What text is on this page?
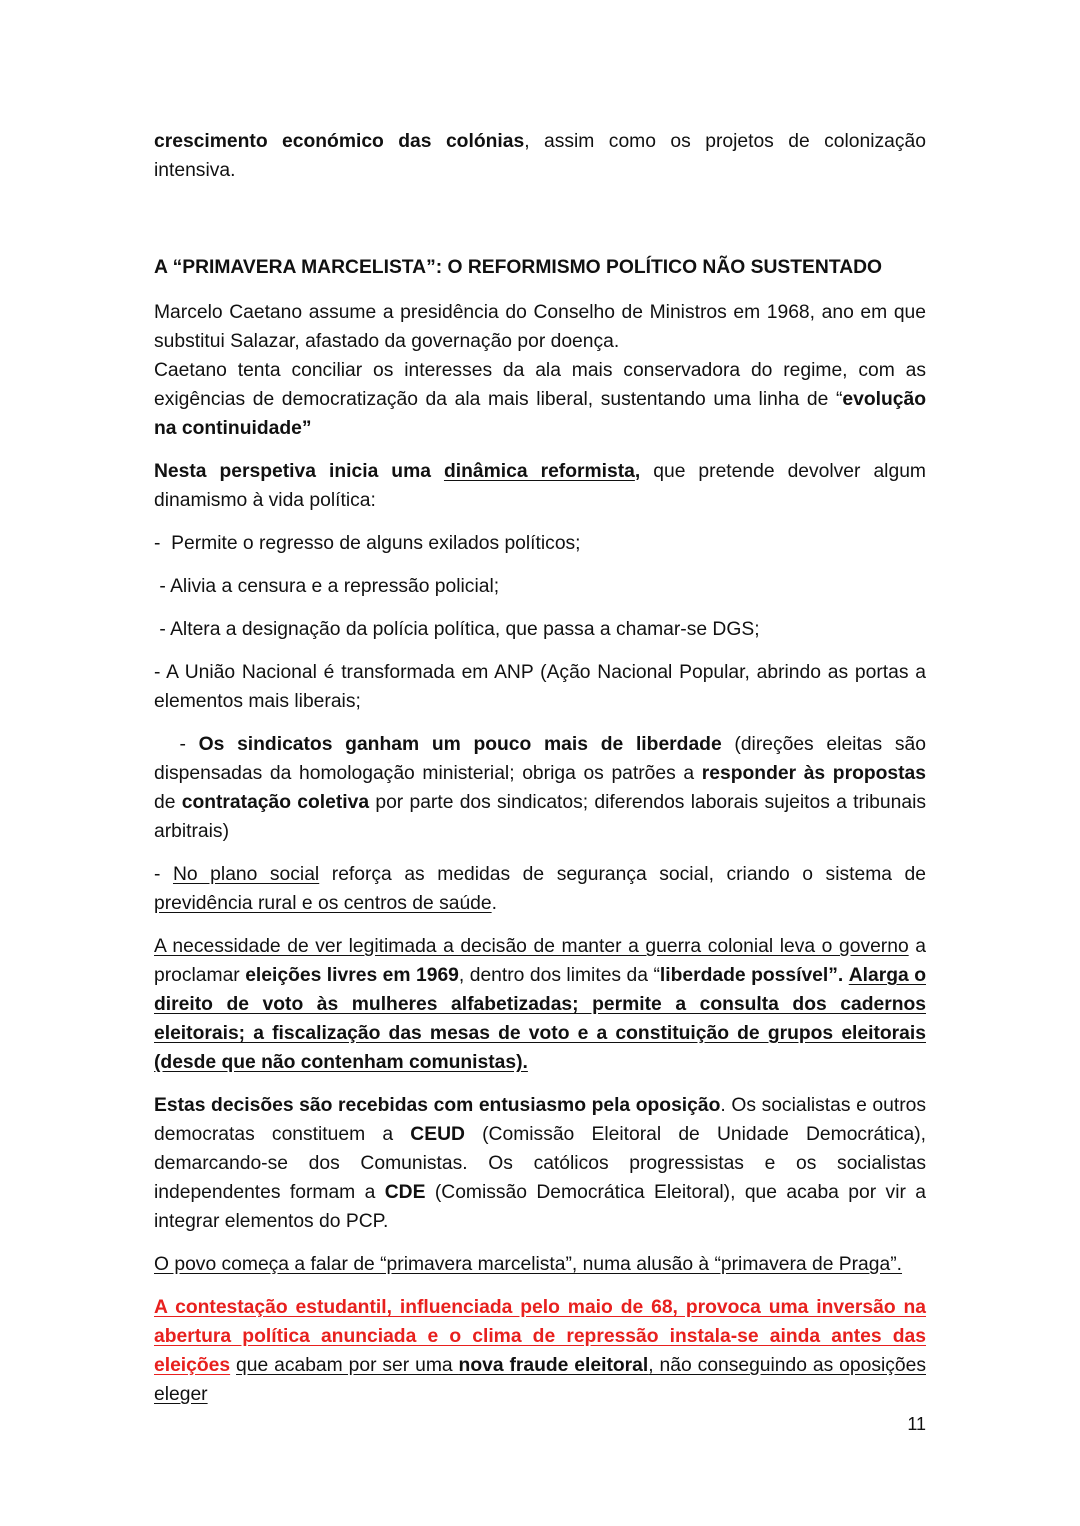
crescimento económico das colónias, assim como os projetos de colonização intensiva.

A “PRIMAVERA MARCELISTA”: O REFORMISMO POLÍTICO NÃO SUSTENTADO

Marcelo Caetano assume a presidência do Conselho de Ministros em 1968, ano em que substitui Salazar, afastado da governação por doença.
Caetano tenta conciliar os interesses da ala mais conservadora do regime, com as exigências de democratização da ala mais liberal, sustentando uma linha de “evolução na continuidade”

Nesta perspetiva inicia uma dinâmica reformista, que pretende devolver algum dinamismo à vida política:

-  Permite o regresso de alguns exilados políticos;

- Alivia a censura e a repressão policial;

- Altera a designação da polícia política, que passa a chamar-se DGS;

- A União Nacional é transformada em ANP (Ação Nacional Popular, abrindo as portas a elementos mais liberais;

- Os sindicatos ganham um pouco mais de liberdade (direções eleitas são dispensadas da homologação ministerial; obriga os patrões a responder às propostas de contratação coletiva por parte dos sindicatos; diferendos laborais sujeitos a tribunais arbitrais)

- No plano social reforça as medidas de segurança social, criando o sistema de previdência rural e os centros de saúde.

A necessidade de ver legitimada a decisão de manter a guerra colonial leva o governo a proclamar eleições livres em 1969, dentro dos limites da “liberdade possível”. Alarga o direito de voto às mulheres alfabetizadas; permite a consulta dos cadernos eleitorais; a fiscalização das mesas de voto e a constituição de grupos eleitorais (desde que não contenham comunistas).

Estas decisões são recebidas com entusiasmo pela oposição. Os socialistas e outros democratas constituem a CEUD (Comissão Eleitoral de Unidade Democrática), demarcando-se dos Comunistas. Os católicos progressistas e os socialistas independentes formam a CDE (Comissão Democrática Eleitoral), que acaba por vir a integrar elementos do PCP.

O povo começa a falar de “primavera marcelista”, numa alusão à “primavera de Praga”.

A contestação estudantil, influenciada pelo maio de 68, provoca uma inversão na abertura política anunciada e o clima de repressão instala-se ainda antes das eleições que acabam por ser uma nova fraude eleitoral, não conseguindo as oposições eleger

11
